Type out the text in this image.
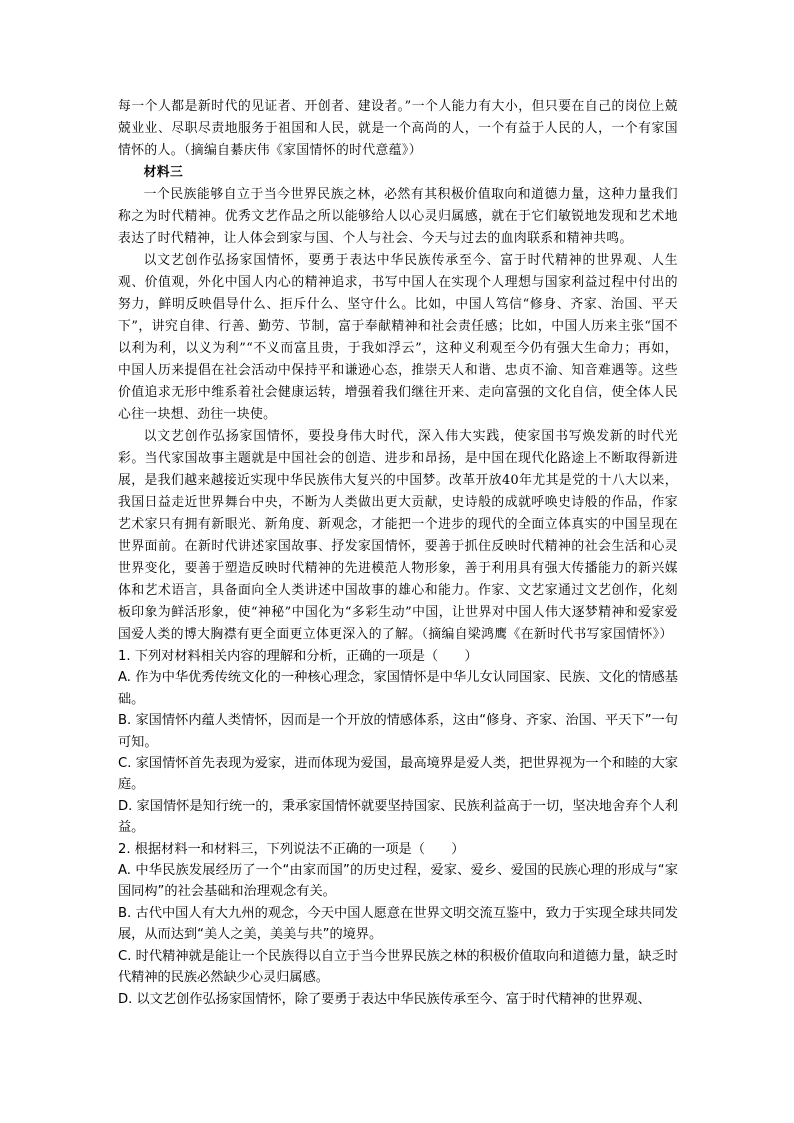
每一个人都是新时代的见证者、开创者、建设者。”一个人能力有大小，但只要在自己的岗位上兢兢业业、尽职尽责地服务于祖国和人民，就是一个高尚的人，一个有益于人民的人，一个有家国情怀的人。（摘编自綦庆伟《家国情怀的时代意蕴》）

材料三

一个民族能够自立于当今世界民族之林，必然有其积极价值取向和道德力量，这种力量我们称之为时代精神。优秀文艺作品之所以能够给人以心灵归属感，就在于它们敏锐地发现和艺术地表达了时代精神，让人体会到家与国、个人与社会、今天与过去的血肉联系和精神共鸣。

以文艺创作弘扬家国情怀，要勇于表达中华民族传承至今、富于时代精神的世界观、人生观、价值观，外化中国人内心的精神追求，书写中国人在实现个人理想与国家利益过程中付出的努力，鲜明反映倡导什么、拒斥什么、坚守什么。比如，中国人笃信“修身、齐家、治国、平天下”，讲究自律、行善、勤劳、节制，富于奉献精神和社会责任感；比如，中国人历来主张“国不以利为利，以义为利”“不义而富且贵，于我如浮云”，这种义利观至今仍有强大生命力；再如，中国人历来提倡在社会活动中保持平和谦逊心态，推崇天人和谐、忠贞不渝、知音难遇等。这些价值追求无形中维系着社会健康运转，增强着我们继往开来、走向富强的文化自信，使全体人民心往一块想、劲往一块使。

以文艺创作弘扬家国情怀，要投身伟大时代，深入伟大实践，使家国书写焕发新的时代光彩。当代家国故事主题就是中国社会的创造、进步和昂扬，是中国在现代化路途上不断取得新进展，是我们越来越接近实现中华民族伟大复兴的中国梦。改革开放40年尤其是党的十八大以来，我国日益走近世界舞台中央，不断为人类做出更大贡献，史诗般的成就呼唤史诗般的作品，作家艺术家只有拥有新眼光、新角度、新观念，才能把一个进步的现代的全面立体真实的中国呈现在世界面前。在新时代讲述家国故事、抒发家国情怀，要善于抓住反映时代精神的社会生活和心灵世界变化，要善于塑造反映时代精神的先进模范人物形象，善于利用具有强大传播能力的新兴媒体和艺术语言，具备面向全人类讲述中国故事的雄心和能力。作家、文艺家通过文艺创作，化刻板印象为鲜活形象，使“神秘”中国化为“多彩生动”中国，让世界对中国人伟大逐梦精神和爱家爱国爱人类的博大胸襟有更全面更立体更深入的了解。（摘编自梁鸿鹰《在新时代书写家国情怀》）

1. 下列对材料相关内容的理解和分析，正确的一项是（　　）

A. 作为中华优秀传统文化的一种核心理念，家国情怀是中华儿女认同国家、民族、文化的情感基础。

B. 家国情怀内蕴人类情怀，因而是一个开放的情感体系，这由“修身、齐家、治国、平天下”一句可知。

C. 家国情怀首先表现为爱家，进而体现为爱国，最高境界是爱人类，把世界视为一个和睦的大家庭。

D. 家国情怀是知行统一的，秉承家国情怀就要坚持国家、民族利益高于一切，坚决地舍弃个人利益。

2. 根据材料一和材料三，下列说法不正确的一项是（　　）

A. 中华民族发展经历了一个“由家而国”的历史过程，爱家、爱乡、爱国的民族心理的形成与“家国同构”的社会基础和治理观念有关。

B. 古代中国人有大九州的观念，今天中国人愿意在世界文明交流互鉴中，致力于实现全球共同发展，从而达到“美人之美，美美与共”的境界。

C. 时代精神就是能让一个民族得以自立于当今世界民族之林的积极价值取向和道德力量，缺乏时代精神的民族必然缺少心灵归属感。

D. 以文艺创作弘扬家国情怀，除了要勇于表达中华民族传承至今、富于时代精神的世界观、
